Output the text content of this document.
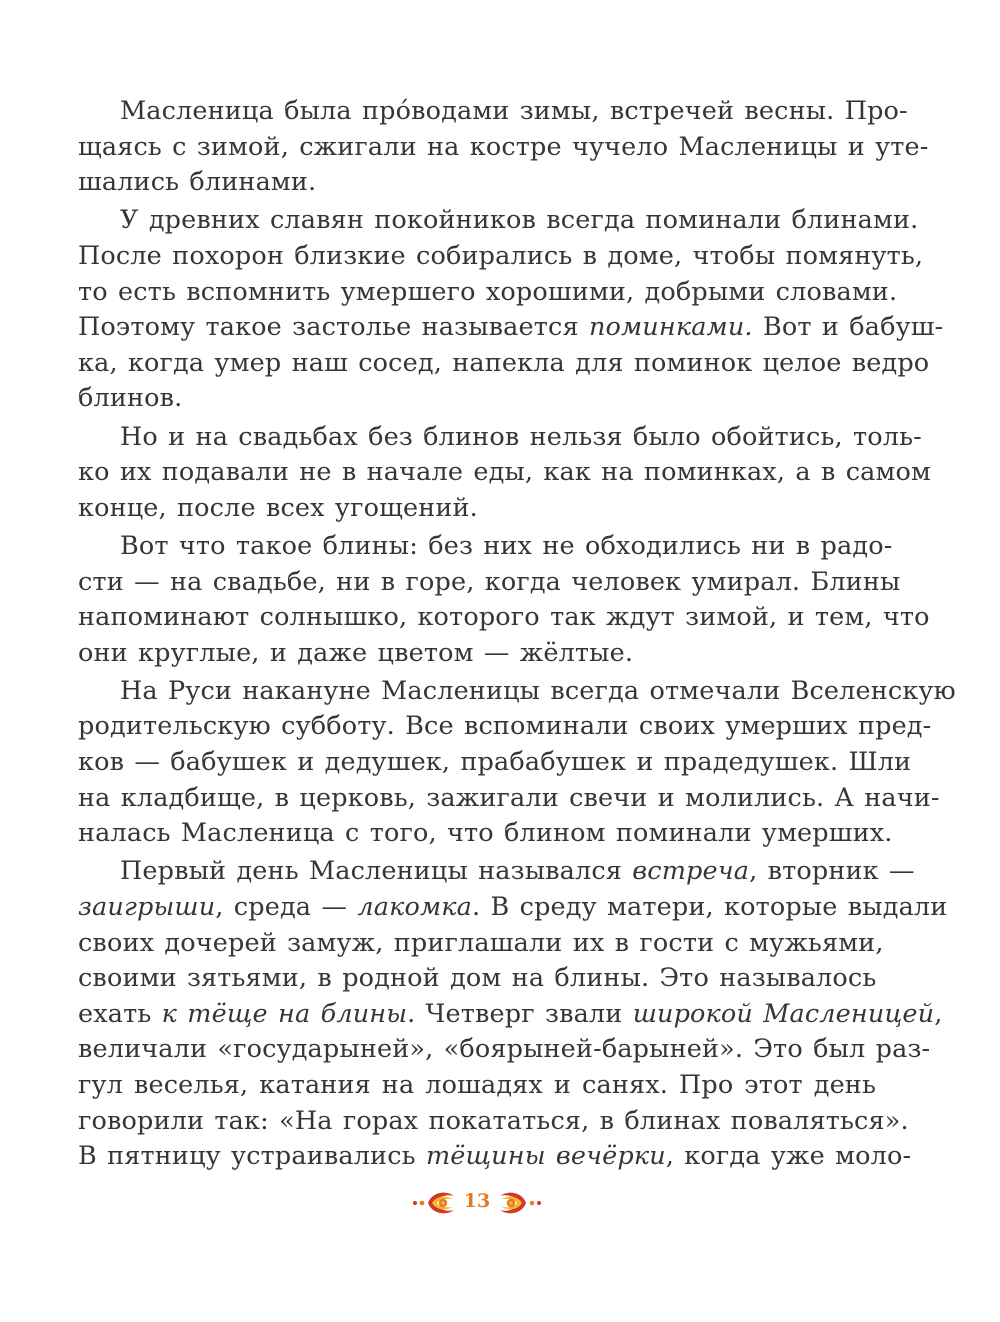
Масленица была про́водами зимы, встречей весны. Про-
щаясь с зимой, сжигали на костре чучело Масленицы и уте-
шались блинами.
У древних славян покойников всегда поминали блинами.
После похорон близкие собирались в доме, чтобы помянуть,
то есть вспомнить умершего хорошими, добрыми словами.
Поэтому такое застолье называется поминками. Вот и бабуш-
ка, когда умер наш сосед, напекла для поминок целое ведро
блинов.
Но и на свадьбах без блинов нельзя было обойтись, толь-
ко их подавали не в начале еды, как на поминках, а в самом
конце, после всех угощений.
Вот что такое блины: без них не обходились ни в радо-
сти — на свадьбе, ни в горе, когда человек умирал. Блины
напоминают солнышко, которого так ждут зимой, и тем, что
они круглые, и даже цветом — жёлтые.
На Руси накануне Масленицы всегда отмечали Вселенскую
родительскую субботу. Все вспоминали своих умерших пред-
ков — бабушек и дедушек, прабабушек и прадедушек. Шли
на кладбище, в церковь, зажигали свечи и молились. А начи-
налась Масленица с того, что блином поминали умерших.
Первый день Масленицы назывался встреча, вторник —
заигрыши, среда — лакомка. В среду матери, которые выдали
своих дочерей замуж, приглашали их в гости с мужьями,
своими зятьями, в родной дом на блины. Это называлось
ехать к тёще на блины. Четверг звали широкой Масленицей,
величали «государыней», «боярыней-барыней». Это был раз-
гул веселья, катания на лошадях и санях. Про этот день
говорили так: «На горах покататься, в блинах поваляться».
В пятницу устраивались тёщины вечёрки, когда уже моло-
13
